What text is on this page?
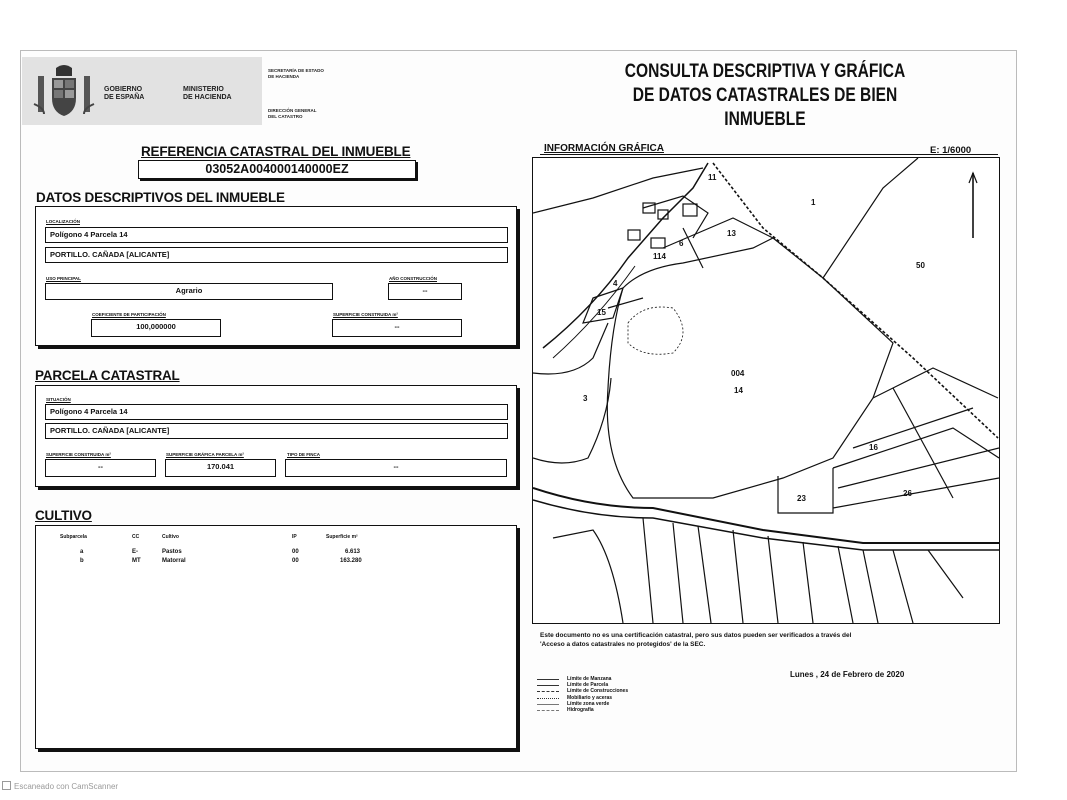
GOBIERNO
DE ESPAÑA
MINISTERIO
DE HACIENDA
SECRETARÍA DE ESTADO
DE HACIENDA
DIRECCIÓN GENERAL
DEL CATASTRO
CONSULTA DESCRIPTIVA Y GRÁFICA
DE DATOS CATASTRALES DE BIEN INMUEBLE
REFERENCIA CATASTRAL DEL INMUEBLE
03052A004000140000EZ
DATOS DESCRIPTIVOS DEL INMUEBLE
LOCALIZACIÓN
Polígono 4 Parcela 14
PORTILLO. CAÑADA [ALICANTE]
USO PRINCIPAL
Agrario
AÑO CONSTRUCCIÓN
--
COEFICIENTE DE PARTICIPACIÓN
100,000000
SUPERFICIE CONSTRUIDA m²
--
PARCELA CATASTRAL
SITUACIÓN
Polígono 4 Parcela 14
PORTILLO. CAÑADA [ALICANTE]
SUPERFICIE CONSTRUIDA m²
--
SUPERFICIE GRÁFICA PARCELA m²
170.041
TIPO DE FINCA
--
CULTIVO
Subparcela	CC	Cultivo	IP	Superficie m²
a	E-	Pastos	00	6.613
b	MT	Matorral	00	163.280
INFORMACIÓN GRÁFICA	E: 1/6000
11
1
13
50
114
4
15
004
14
3
16
23
26
6
Este documento no es una certificación catastral, pero sus datos pueden ser verificados a través del
'Acceso a datos catastrales no protegidos' de la SEC.
Lunes , 24 de Febrero de 2020
Límite de Manzana
Límite de Parcela
Límite de Construcciones
Mobiliario y aceras
Límite zona verde
Hidrografía
Escaneado con CamScanner
